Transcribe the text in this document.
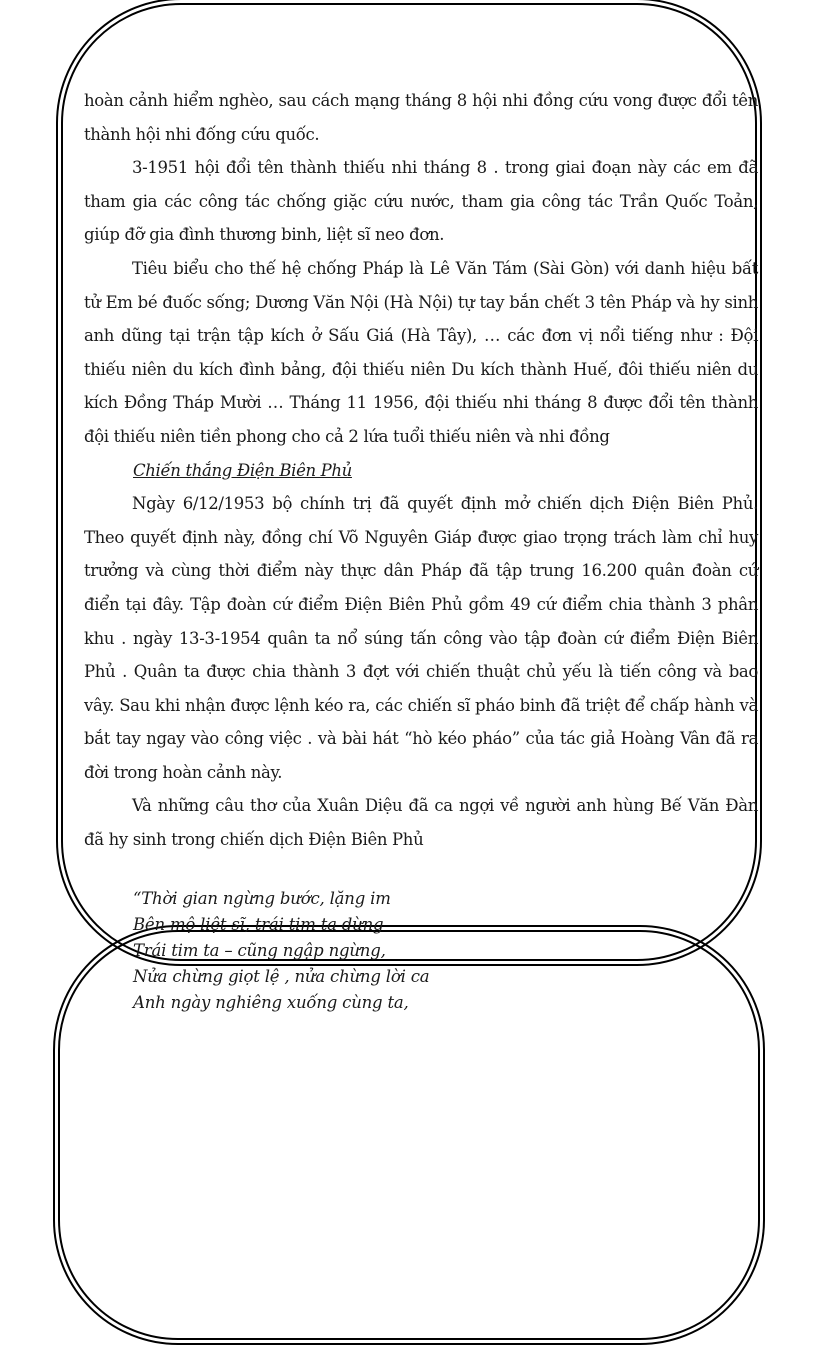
hoàn cảnh hiểm nghèo, sau cách mạng tháng 8 hội nhi đồng cứu vong được đổi tên thành hội nhi đống cứu quốc.

3-1951 hội đổi tên thành thiếu nhi tháng 8 . trong giai đoạn này các em đã tham gia các công tác chống giặc cứu nước, tham gia công tác Trần Quốc Toản, giúp đỡ gia đình thương binh, liệt sĩ neo đơn.

Tiêu biểu cho thế hệ chống Pháp là Lê Văn Tám (Sài Gòn) với danh hiệu bất tử Em bé đuốc sống; Dương Văn Nội (Hà Nội) tự tay bắn chết 3 tên Pháp và hy sinh anh dũng tại trận tập kích ở Sấu Giá (Hà Tây), … các đơn vị nổi tiếng như : Đội thiếu niên du kích đình bảng, đội thiếu niên Du kích thành Huế, đôi thiếu niên du kích Đồng Tháp Mười … Tháng 11 1956, đội thiếu nhi tháng 8 được đổi tên thành đội thiếu niên tiền phong cho cả 2 lứa tuổi thiếu niên và nhi đồng

Chiến thắng Điện Biên Phủ

Ngày 6/12/1953 bộ chính trị đã quyết định mở chiến dịch Điện Biên Phủ. Theo quyết định này, đồng chí Võ Nguyên Giáp được giao trọng trách làm chỉ huy trưởng và cùng thời điểm này thực dân Pháp đã tập trung 16.200 quân đoàn cứ điển tại đây. Tập đoàn cứ điểm Điện Biên Phủ gồm 49 cứ điểm chia thành 3 phân khu . ngày 13-3-1954 quân ta nổ súng tấn công vào tập đoàn cứ điểm Điện Biên Phủ . Quân ta được chia thành 3 đợt với chiến thuật chủ yếu là tiến công và bao vây. Sau khi nhận được lệnh kéo ra, các chiến sĩ pháo binh đã triệt để chấp hành và bắt tay ngay vào công việc . và bài hát “hò kéo pháo” của tác giả Hoàng Vân đã ra đời trong hoàn cảnh này.

Và những câu thơ của Xuân Diệu đã ca ngợi về người anh hùng Bế Văn Đàn đã hy sinh trong chiến dịch Điện Biên Phủ

“Thời gian ngừng bước, lặng im
Bên mộ liệt sĩ, trái tim ta dừng
Trái tim ta – cũng ngập ngừng,
Nửa chừng giọt lệ , nửa chừng lời ca
Anh ngày nghiêng xuống cùng ta,
